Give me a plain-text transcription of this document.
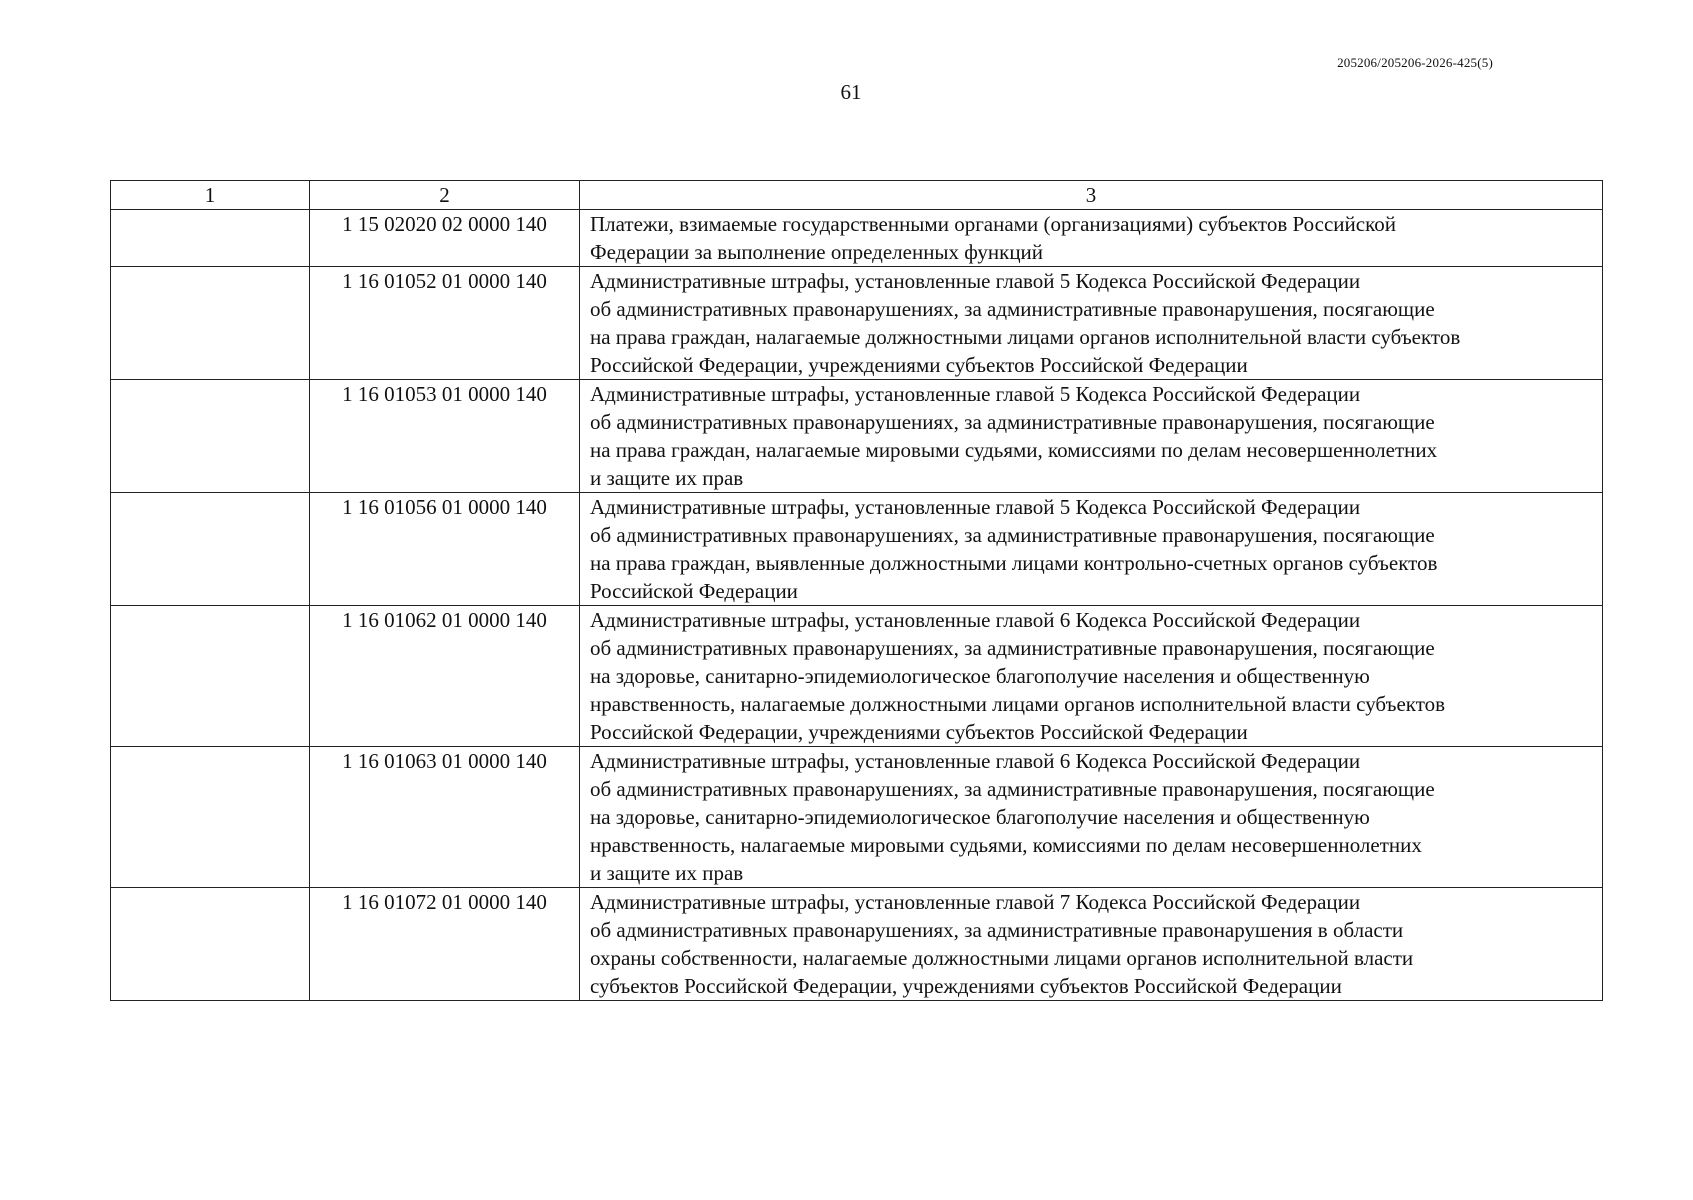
205206/205206-2026-425(5)
61
1	2	3
	1 15 02020 02 0000 140	Платежи, взимаемые государственными органами (организациями) субъектов Российской
Федерации за выполнение определенных функций

	1 16 01052 01 0000 140	Административные штрафы, установленные главой 5 Кодекса Российской Федерации
об административных правонарушениях, за административные правонарушения, посягающие
на права граждан, налагаемые должностными лицами органов исполнительной власти субъектов
Российской Федерации, учреждениями субъектов Российской Федерации

	1 16 01053 01 0000 140	Административные штрафы, установленные главой 5 Кодекса Российской Федерации
об административных правонарушениях, за административные правонарушения, посягающие
на права граждан, налагаемые мировыми судьями, комиссиями по делам несовершеннолетних
и защите их прав

	1 16 01056 01 0000 140	Административные штрафы, установленные главой 5 Кодекса Российской Федерации
об административных правонарушениях, за административные правонарушения, посягающие
на права граждан, выявленные должностными лицами контрольно-счетных органов субъектов
Российской Федерации

	1 16 01062 01 0000 140	Административные штрафы, установленные главой 6 Кодекса Российской Федерации
об административных правонарушениях, за административные правонарушения, посягающие
на здоровье, санитарно-эпидемиологическое благополучие населения и общественную
нравственность, налагаемые должностными лицами органов исполнительной власти субъектов
Российской Федерации, учреждениями субъектов Российской Федерации

	1 16 01063 01 0000 140	Административные штрафы, установленные главой 6 Кодекса Российской Федерации
об административных правонарушениях, за административные правонарушения, посягающие
на здоровье, санитарно-эпидемиологическое благополучие населения и общественную
нравственность, налагаемые мировыми судьями, комиссиями по делам несовершеннолетних
и защите их прав

	1 16 01072 01 0000 140	Административные штрафы, установленные главой 7 Кодекса Российской Федерации
об административных правонарушениях, за административные правонарушения в области
охраны собственности, налагаемые должностными лицами органов исполнительной власти
субъектов Российской Федерации, учреждениями субъектов Российской Федерации
